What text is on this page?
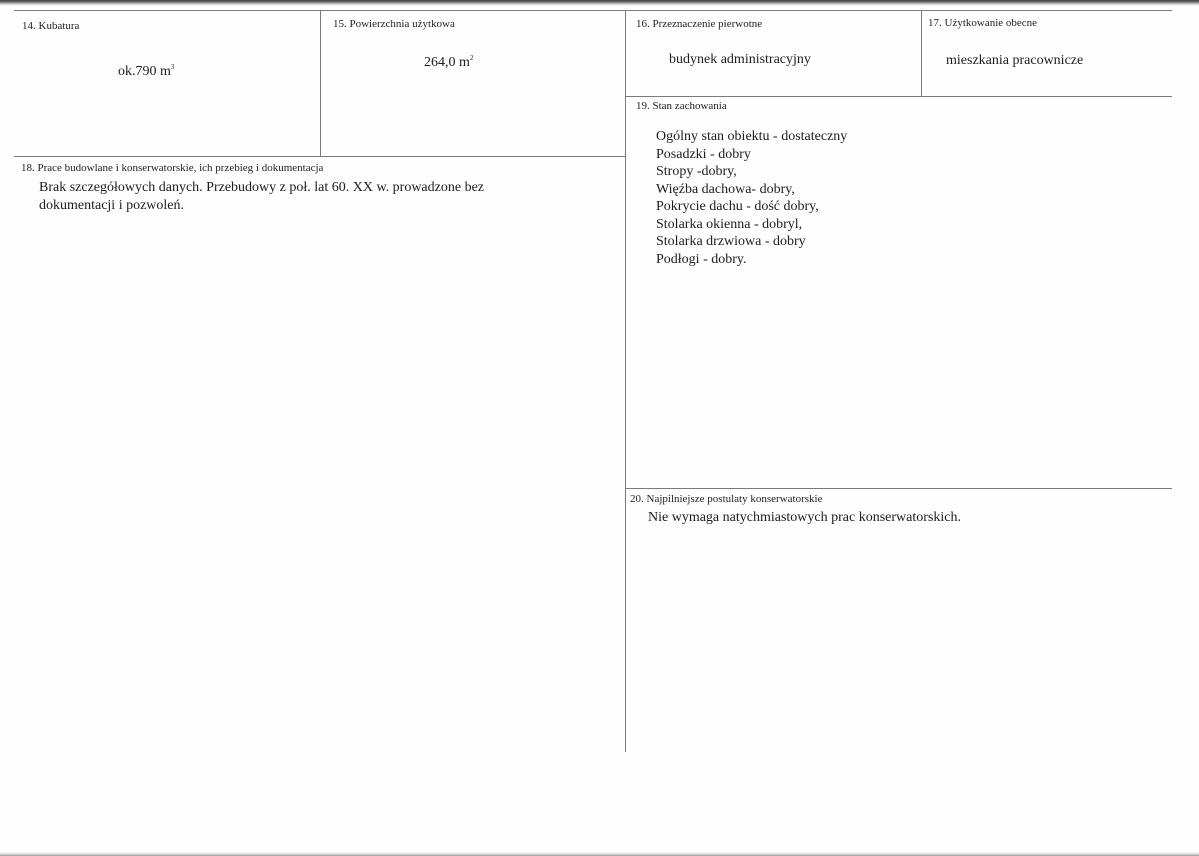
14. Kubatura
ok.790 $m^3$
15. Powierzchnia użytkowa
264,0 $m^2$
16. Przeznaczenie pierwotne
budynek administracyjny
17. Użytkowanie obecne
mieszkania pracownicze
18. Prace budowlane i konserwatorskie, ich przebieg i dokumentacja
Brak szczegółowych danych. Przebudowy z poł. lat 60. XX w. prowadzone bez dokumentacji i pozwoleń.
19. Stan zachowania
Ogólny stan obiektu - dostateczny
Posadzki - dobry
Stropy -dobry,
Więźba dachowa- dobry,
Pokrycie dachu - dość dobry,
Stolarka okienna - dobryl,
Stolarka drzwiowa - dobry
Podłogi - dobry.
20. Najpilniejsze postulaty konserwatorskie
Nie wymaga natychmiastowych prac konserwatorskich.
